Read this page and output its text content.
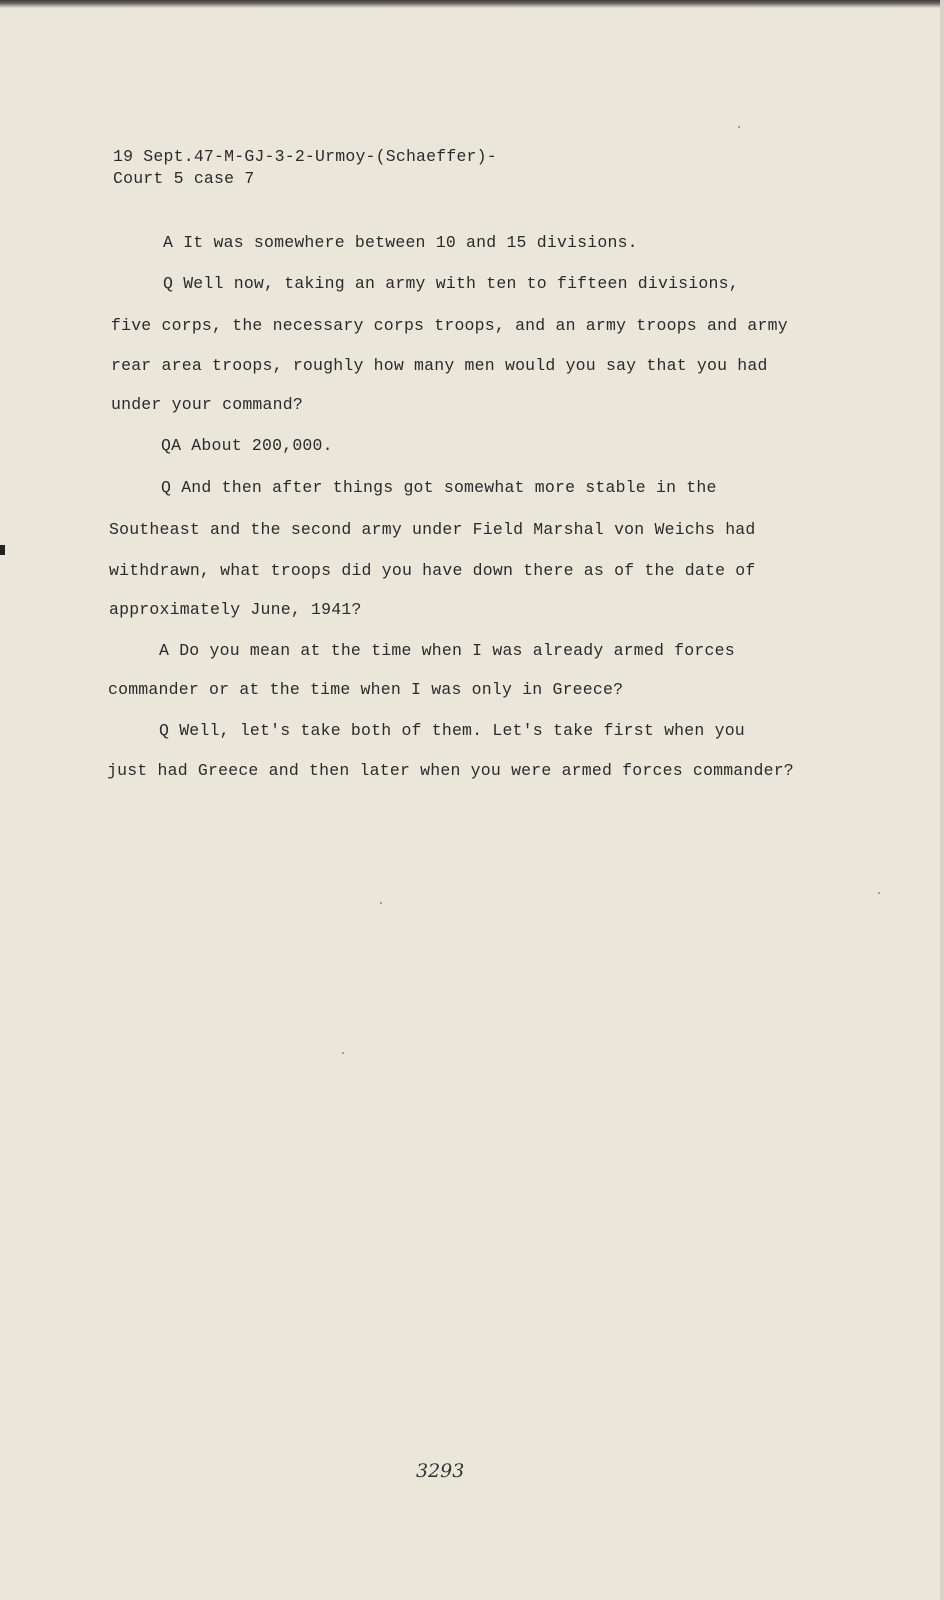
19 Sept.47-M-GJ-3-2-Urmoy-(Schaeffer)-
Court 5 case 7
A It was somewhere between 10 and 15 divisions.
Q Well now, taking an army with ten to fifteen divisions,
five corps, the necessary corps troops, and an army troops and army
rear area troops, roughly how many men would you say that you had
under your command?
QA About 200,000.
Q And then after things got somewhat more stable in the
Southeast and the second army under Field Marshal von Weichs had
withdrawn, what troops did you have down there as of the date of
approximately June, 1941?
A Do you mean at the time when I was already armed forces
commander or at the time when I was only in Greece?
Q Well, let's take both of them. Let's take first when you
just had Greece and then later when you were armed forces commander?
3293
